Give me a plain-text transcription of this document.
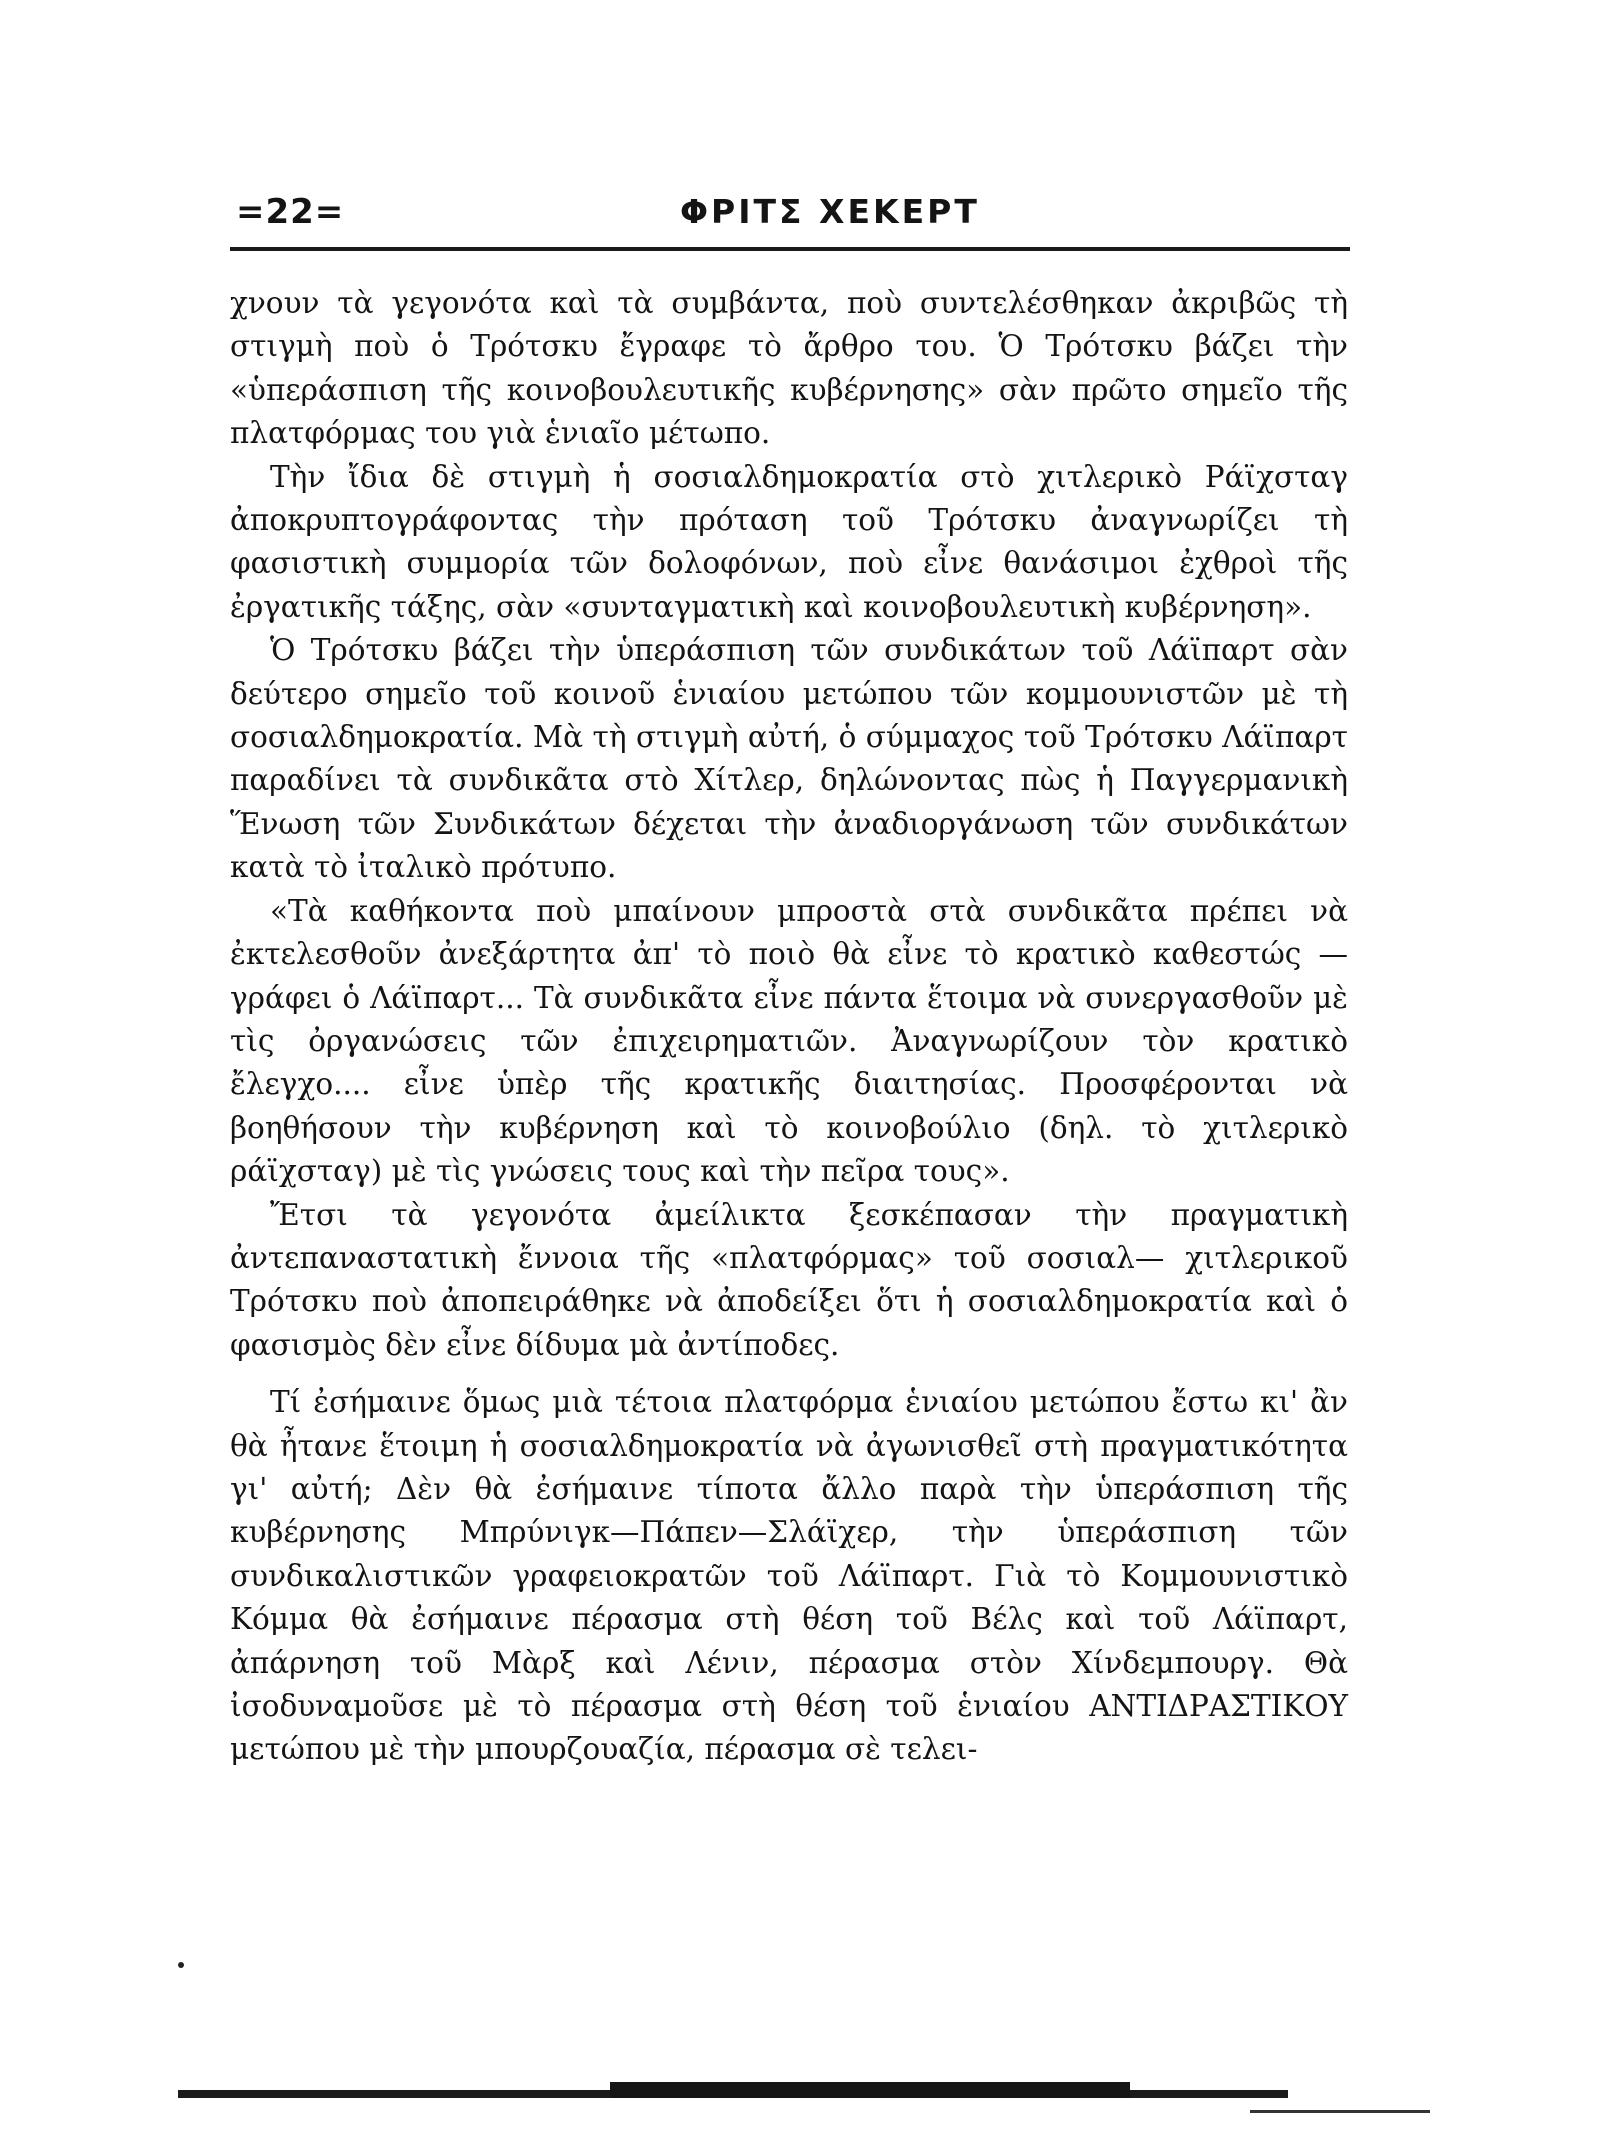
=22=	ΦΡΙΤΣ ΧΕΚΕΡΤ

χνουν τὰ γεγονότα καὶ τὰ συμβάντα, ποὺ συντελέσθηκαν ἀκριβῶς τὴ στιγμὴ ποὺ ὁ Τρότσκυ ἔγραφε τὸ ἄρθρο του. Ὁ Τρότσκυ βάζει τὴν «ὑπεράσπιση τῆς κοινοβουλευτικῆς κυβέρνησης» σὰν πρῶτο σημεῖο τῆς πλατφόρμας του γιὰ ἑνιαῖο μέτωπο.

Τὴν ἴδια δὲ στιγμὴ ἡ σοσιαλδημοκρατία στὸ χιτλερικὸ Ράϊχσταγ ἀποκρυπτογράφοντας τὴν πρόταση τοῦ Τρότσκυ ἀναγνωρίζει τὴ φασιστικὴ συμμορία τῶν δολοφόνων, ποὺ εἶνε θανάσιμοι ἐχθροὶ τῆς ἐργατικῆς τάξης, σὰν «συνταγματικὴ καὶ κοινοβουλευτικὴ κυβέρνηση».

Ὁ Τρότσκυ βάζει τὴν ὑπεράσπιση τῶν συνδικάτων τοῦ Λάϊπαρτ σὰν δεύτερο σημεῖο τοῦ κοινοῦ ἑνιαίου μετώπου τῶν κομμουνιστῶν μὲ τὴ σοσιαλδημοκρατία. Μὰ τὴ στιγμὴ αὐτή, ὁ σύμμαχος τοῦ Τρότσκυ Λάϊπαρτ παραδίνει τὰ συνδικᾶτα στὸ Χίτλερ, δηλώνοντας πὼς ἡ Παγγερμανικὴ Ἕνωση τῶν Συνδικάτων δέχεται τὴν ἀναδιοργάνωση τῶν συνδικάτων κατὰ τὸ ἰταλικὸ πρότυπο.

«Τὰ καθήκοντα ποὺ μπαίνουν μπροστὰ στὰ συνδικᾶτα πρέπει νὰ ἐκτελεσθοῦν ἀνεξάρτητα ἀπ' τὸ ποιὸ θὰ εἶνε τὸ κρατικὸ καθεστώς — γράφει ὁ Λάϊπαρτ... Τὰ συνδικᾶτα εἶνε πάντα ἕτοιμα νὰ συνεργασθοῦν μὲ τὶς ὀργανώσεις τῶν ἐπιχειρηματιῶν. Ἀναγνωρίζουν τὸν κρατικὸ ἔλεγχο.... εἶνε ὑπὲρ τῆς κρατικῆς διαιτησίας. Προσφέρονται νὰ βοηθήσουν τὴν κυβέρνηση καὶ τὸ κοινοβούλιο (δηλ. τὸ χιτλερικὸ ράϊχσταγ) μὲ τὶς γνώσεις τους καὶ τὴν πεῖρα τους».

Ἔτσι τὰ γεγονότα ἀμείλικτα ξεσκέπασαν τὴν πραγματικὴ ἀντεπαναστατικὴ ἔννοια τῆς «πλατφόρμας» τοῦ σοσιαλ— χιτλερικοῦ Τρότσκυ ποὺ ἀποπειράθηκε νὰ ἀποδείξει ὅτι ἡ σοσιαλδημοκρατία καὶ ὁ φασισμὸς δὲν εἶνε δίδυμα μὰ ἀντίποδες.

Τί ἐσήμαινε ὅμως μιὰ τέτοια πλατφόρμα ἑνιαίου μετώπου ἔστω κι' ἂν θὰ ἦτανε ἕτοιμη ἡ σοσιαλδημοκρατία νὰ ἀγωνισθεῖ στὴ πραγματικότητα γι' αὐτή; Δὲν θὰ ἐσήμαινε τίποτα ἄλλο παρὰ τὴν ὑπεράσπιση τῆς κυβέρνησης Μπρύνιγκ—Πάπεν—Σλάϊχερ, τὴν ὑπεράσπιση τῶν συνδικαλιστικῶν γραφειοκρατῶν τοῦ Λάϊπαρτ. Γιὰ τὸ Κομμουνιστικὸ Κόμμα θὰ ἐσήμαινε πέρασμα στὴ θέση τοῦ Βέλς καὶ τοῦ Λάϊπαρτ, ἀπάρνηση τοῦ Μὰρξ καὶ Λένιν, πέρασμα στὸν Χίνδεμπουργ. Θὰ ἰσοδυναμοῦσε μὲ τὸ πέρασμα στὴ θέση τοῦ ἑνιαίου ΑΝΤΙΔΡΑΣΤΙΚΟΥ μετώπου μὲ τὴν μπουρζουαζία, πέρασμα σὲ τελει-
